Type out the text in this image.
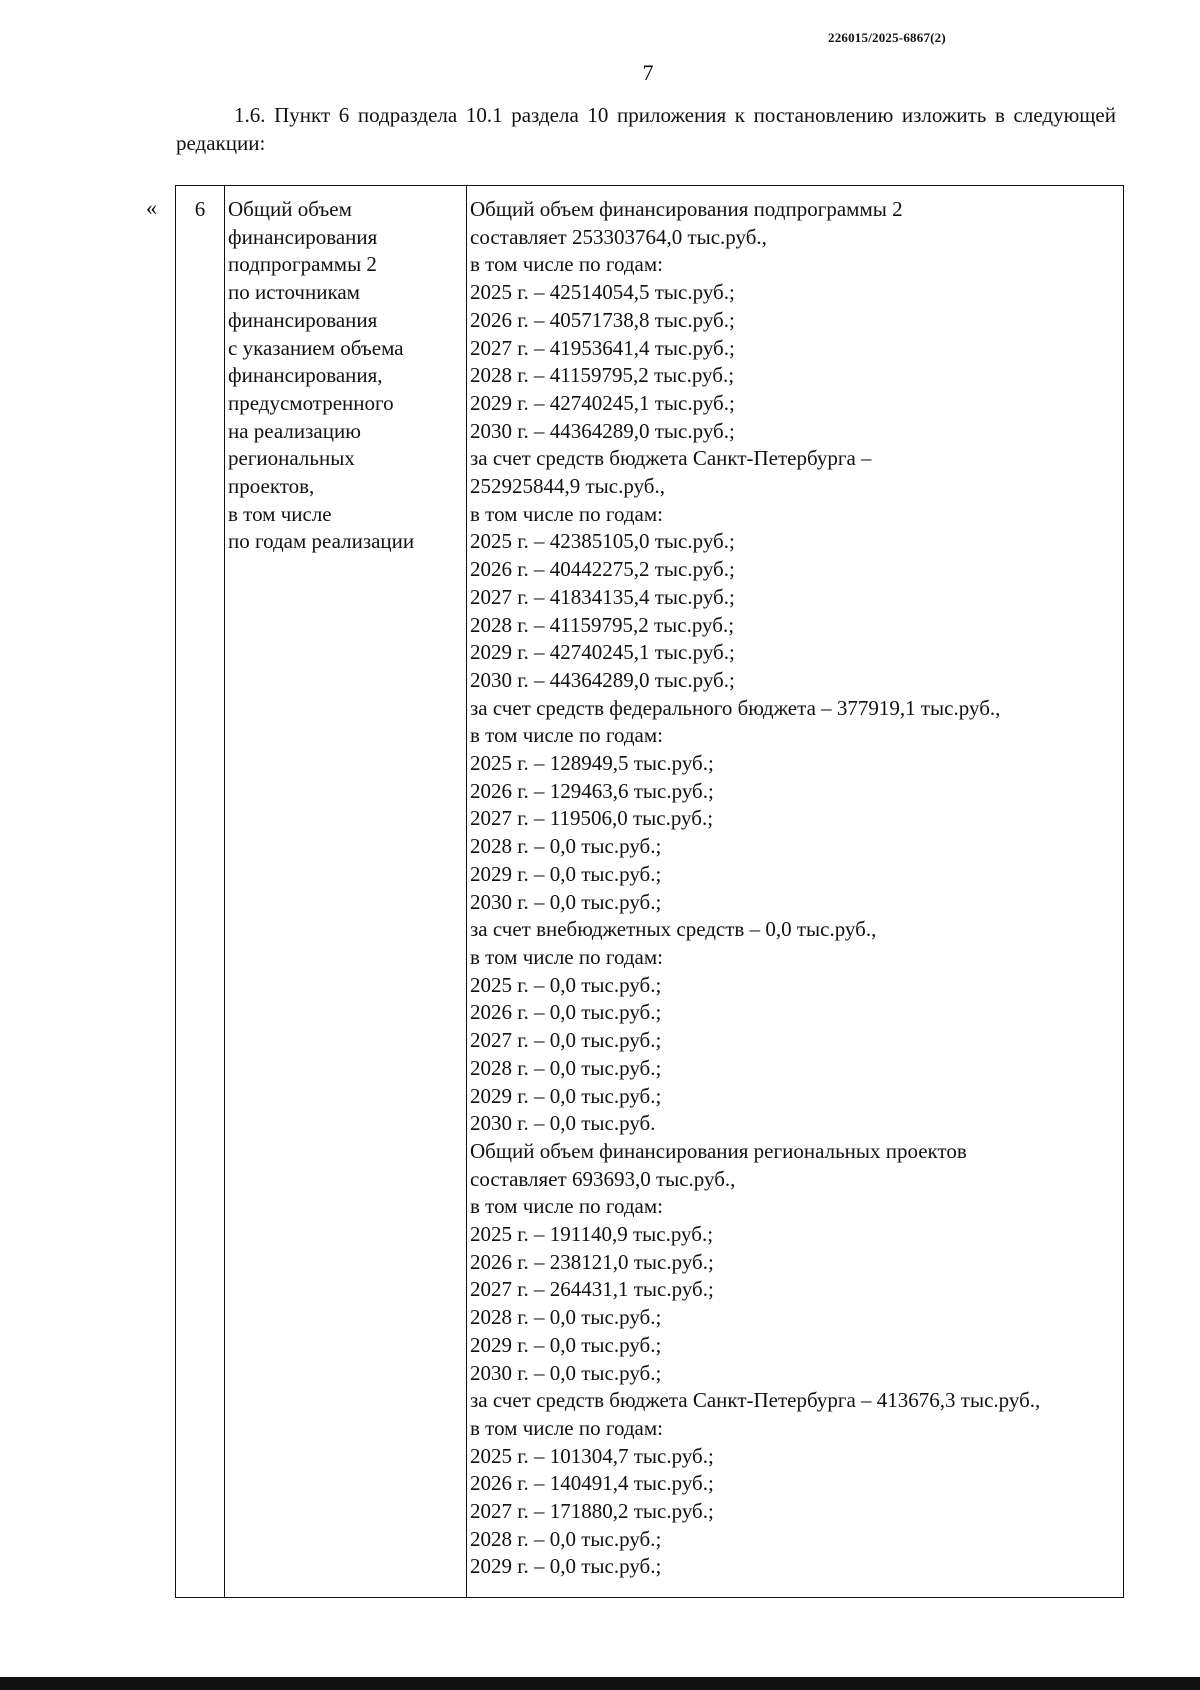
226015/2025-6867(2)
7
1.6. Пункт 6 подраздела 10.1 раздела 10 приложения к постановлению изложить в следующей редакции:
«	6	Общий объем
финансирования
подпрограммы 2
по источникам
финансирования
с указанием объема
финансирования,
предусмотренного
на реализацию
региональных
проектов,
в том числе
по годам реализации
Общий объем финансирования подпрограммы 2
составляет 253303764,0 тыс.руб.,
в том числе по годам:
2025 г. – 42514054,5 тыс.руб.;
2026 г. – 40571738,8 тыс.руб.;
2027 г. – 41953641,4 тыс.руб.;
2028 г. – 41159795,2 тыс.руб.;
2029 г. – 42740245,1 тыс.руб.;
2030 г. – 44364289,0 тыс.руб.;
за счет средств бюджета Санкт-Петербурга –
252925844,9 тыс.руб.,
в том числе по годам:
2025 г. – 42385105,0 тыс.руб.;
2026 г. – 40442275,2 тыс.руб.;
2027 г. – 41834135,4 тыс.руб.;
2028 г. – 41159795,2 тыс.руб.;
2029 г. – 42740245,1 тыс.руб.;
2030 г. – 44364289,0 тыс.руб.;
за счет средств федерального бюджета – 377919,1 тыс.руб.,
в том числе по годам:
2025 г. – 128949,5 тыс.руб.;
2026 г. – 129463,6 тыс.руб.;
2027 г. – 119506,0 тыс.руб.;
2028 г. – 0,0 тыс.руб.;
2029 г. – 0,0 тыс.руб.;
2030 г. – 0,0 тыс.руб.;
за счет внебюджетных средств – 0,0 тыс.руб.,
в том числе по годам:
2025 г. – 0,0 тыс.руб.;
2026 г. – 0,0 тыс.руб.;
2027 г. – 0,0 тыс.руб.;
2028 г. – 0,0 тыс.руб.;
2029 г. – 0,0 тыс.руб.;
2030 г. – 0,0 тыс.руб.
Общий объем финансирования региональных проектов
составляет 693693,0 тыс.руб.,
в том числе по годам:
2025 г. – 191140,9 тыс.руб.;
2026 г. – 238121,0 тыс.руб.;
2027 г. – 264431,1 тыс.руб.;
2028 г. – 0,0 тыс.руб.;
2029 г. – 0,0 тыс.руб.;
2030 г. – 0,0 тыс.руб.;
за счет средств бюджета Санкт-Петербурга – 413676,3 тыс.руб.,
в том числе по годам:
2025 г. – 101304,7 тыс.руб.;
2026 г. – 140491,4 тыс.руб.;
2027 г. – 171880,2 тыс.руб.;
2028 г. – 0,0 тыс.руб.;
2029 г. – 0,0 тыс.руб.;
